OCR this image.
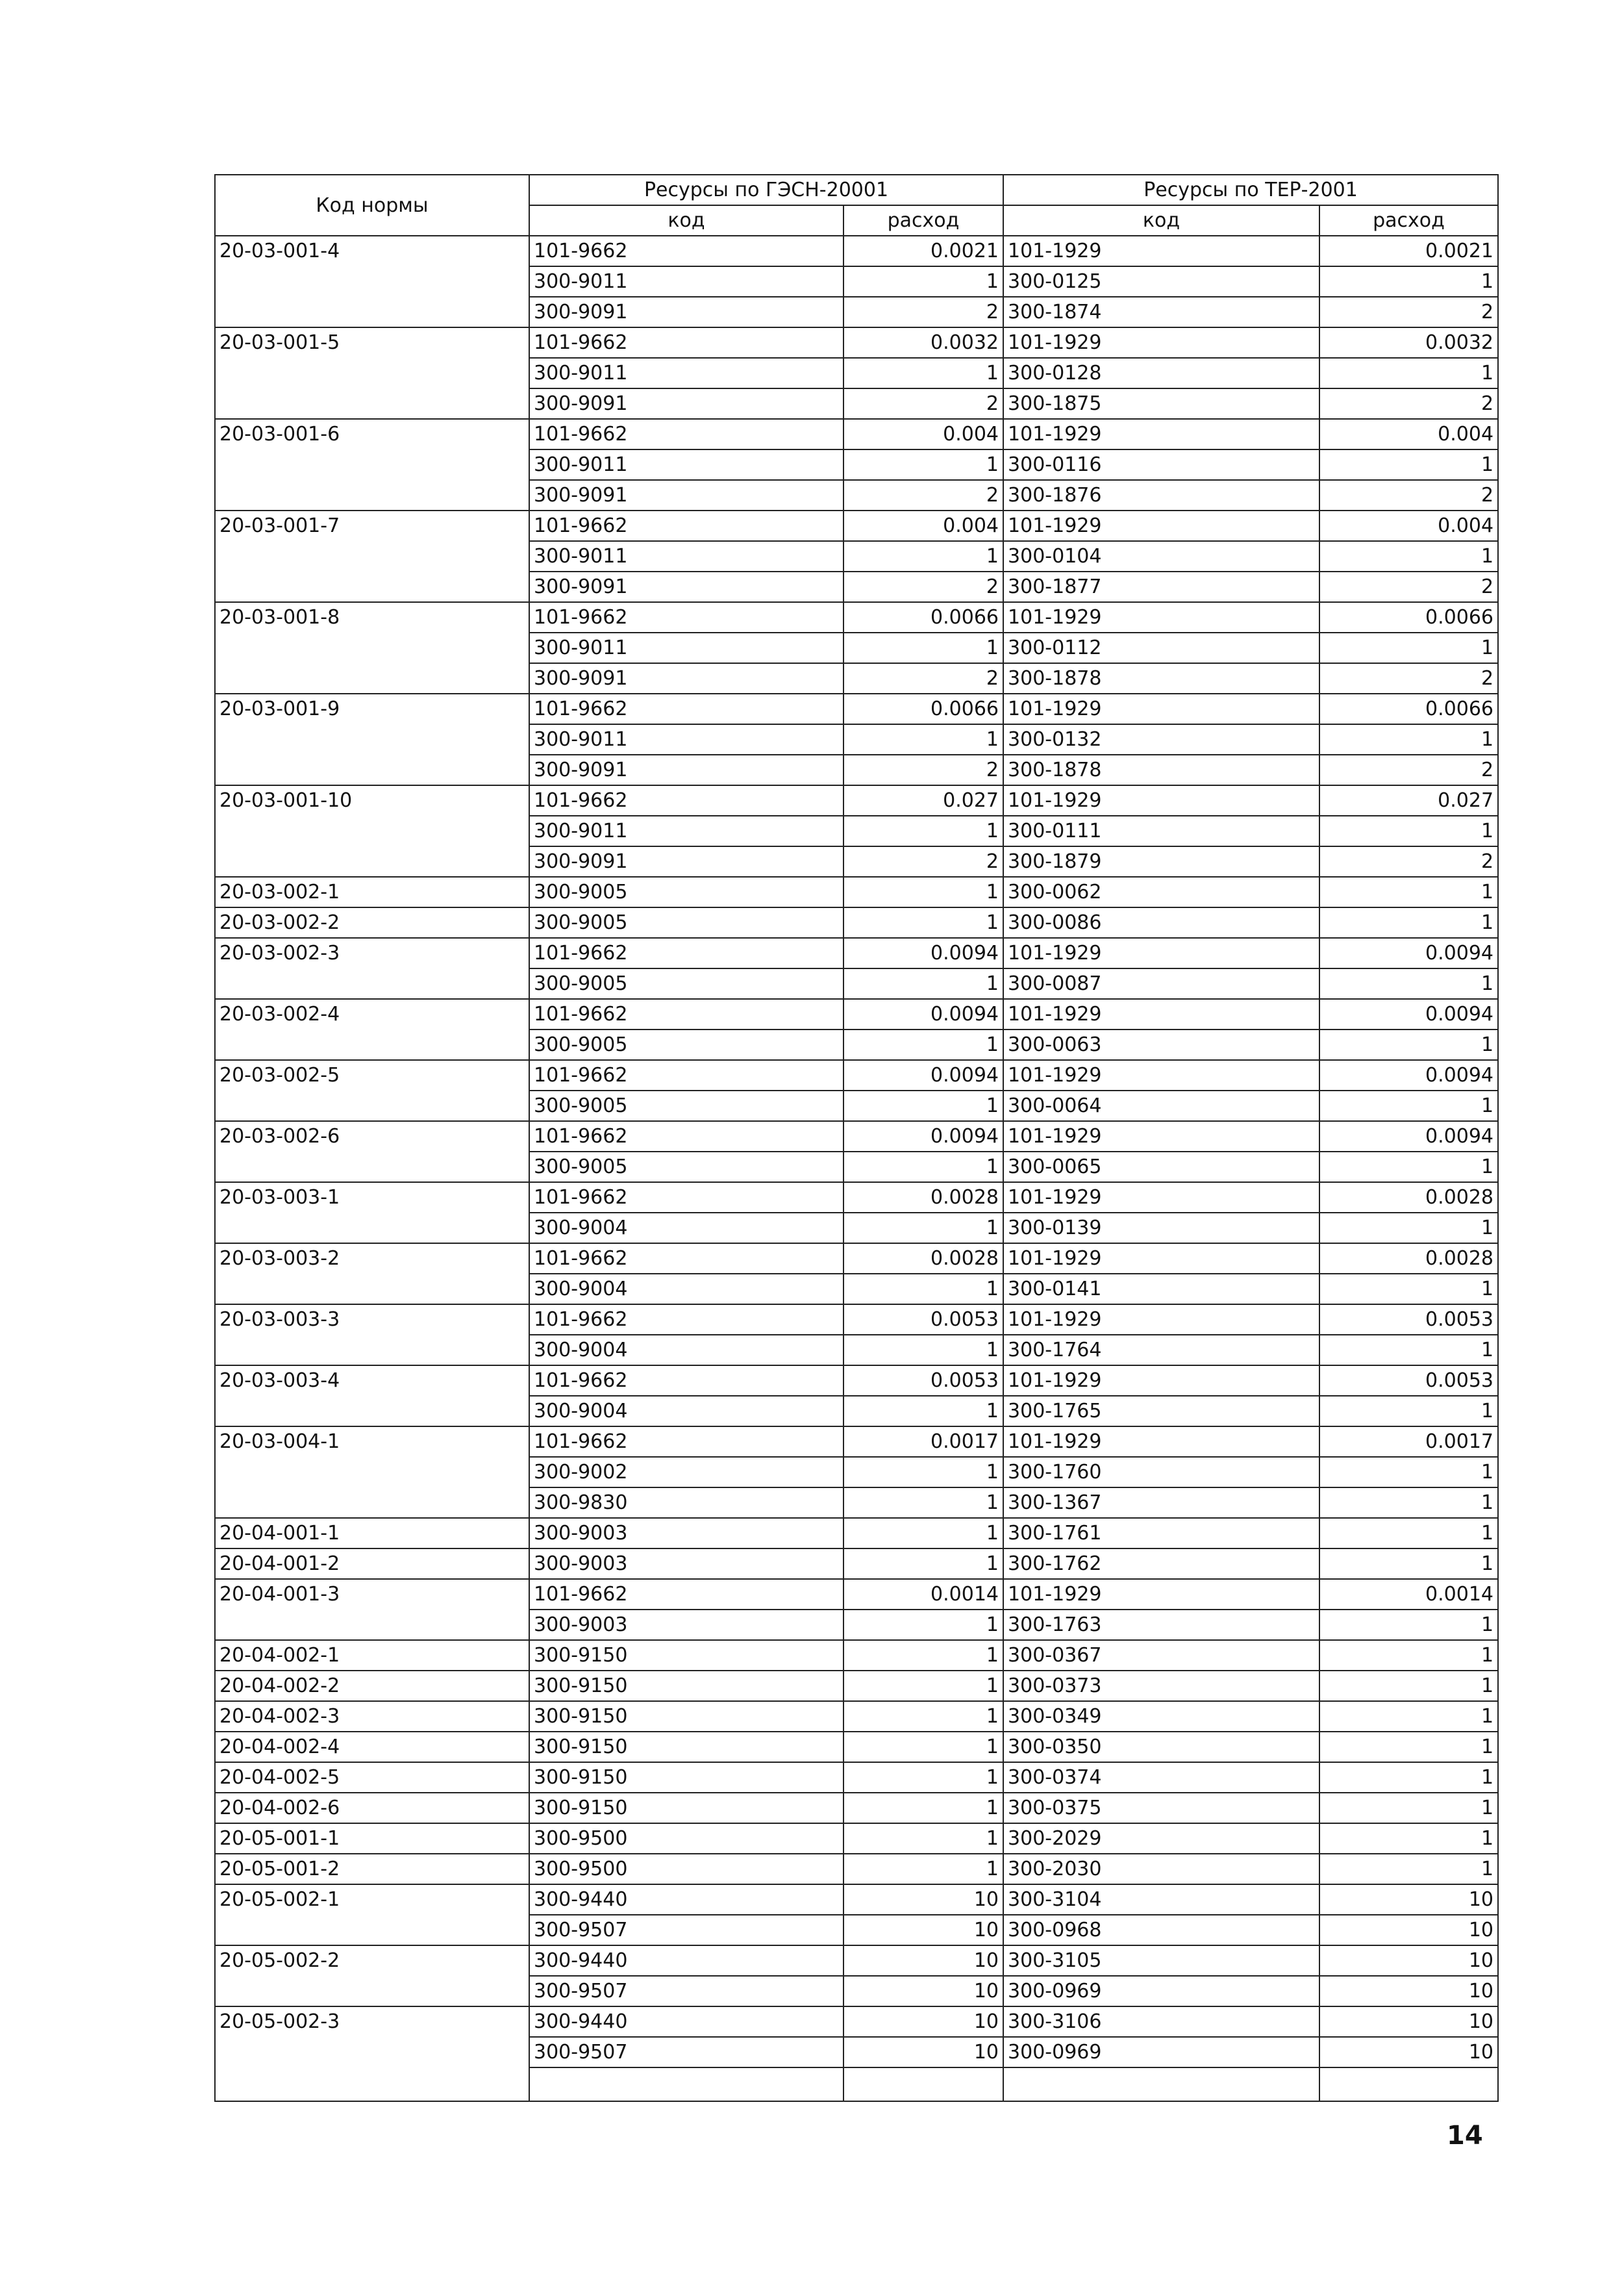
Код нормы	Ресурсы по ГЭСН-20001		Ресурсы по ТЕР-2001	
	код	расход	код	расход
20-03-001-4	101-9662	0.0021	101-1929	0.0021
	300-9011	1	300-0125	1
	300-9091	2	300-1874	2
20-03-001-5	101-9662	0.0032	101-1929	0.0032
	300-9011	1	300-0128	1
	300-9091	2	300-1875	2
20-03-001-6	101-9662	0.004	101-1929	0.004
	300-9011	1	300-0116	1
	300-9091	2	300-1876	2
20-03-001-7	101-9662	0.004	101-1929	0.004
	300-9011	1	300-0104	1
	300-9091	2	300-1877	2
20-03-001-8	101-9662	0.0066	101-1929	0.0066
	300-9011	1	300-0112	1
	300-9091	2	300-1878	2
20-03-001-9	101-9662	0.0066	101-1929	0.0066
	300-9011	1	300-0132	1
	300-9091	2	300-1878	2
20-03-001-10	101-9662	0.027	101-1929	0.027
	300-9011	1	300-0111	1
	300-9091	2	300-1879	2
20-03-002-1	300-9005	1	300-0062	1
20-03-002-2	300-9005	1	300-0086	1
20-03-002-3	101-9662	0.0094	101-1929	0.0094
	300-9005	1	300-0087	1
20-03-002-4	101-9662	0.0094	101-1929	0.0094
	300-9005	1	300-0063	1
20-03-002-5	101-9662	0.0094	101-1929	0.0094
	300-9005	1	300-0064	1
20-03-002-6	101-9662	0.0094	101-1929	0.0094
	300-9005	1	300-0065	1
20-03-003-1	101-9662	0.0028	101-1929	0.0028
	300-9004	1	300-0139	1
20-03-003-2	101-9662	0.0028	101-1929	0.0028
	300-9004	1	300-0141	1
20-03-003-3	101-9662	0.0053	101-1929	0.0053
	300-9004	1	300-1764	1
20-03-003-4	101-9662	0.0053	101-1929	0.0053
	300-9004	1	300-1765	1
20-03-004-1	101-9662	0.0017	101-1929	0.0017
	300-9002	1	300-1760	1
	300-9830	1	300-1367	1
20-04-001-1	300-9003	1	300-1761	1
20-04-001-2	300-9003	1	300-1762	1
20-04-001-3	101-9662	0.0014	101-1929	0.0014
	300-9003	1	300-1763	1
20-04-002-1	300-9150	1	300-0367	1
20-04-002-2	300-9150	1	300-0373	1
20-04-002-3	300-9150	1	300-0349	1
20-04-002-4	300-9150	1	300-0350	1
20-04-002-5	300-9150	1	300-0374	1
20-04-002-6	300-9150	1	300-0375	1
20-05-001-1	300-9500	1	300-2029	1
20-05-001-2	300-9500	1	300-2030	1
20-05-002-1	300-9440	10	300-3104	10
	300-9507	10	300-0968	10
20-05-002-2	300-9440	10	300-3105	10
	300-9507	10	300-0969	10
20-05-002-3	300-9440	10	300-3106	10
	300-9507	10	300-0969	10

14
